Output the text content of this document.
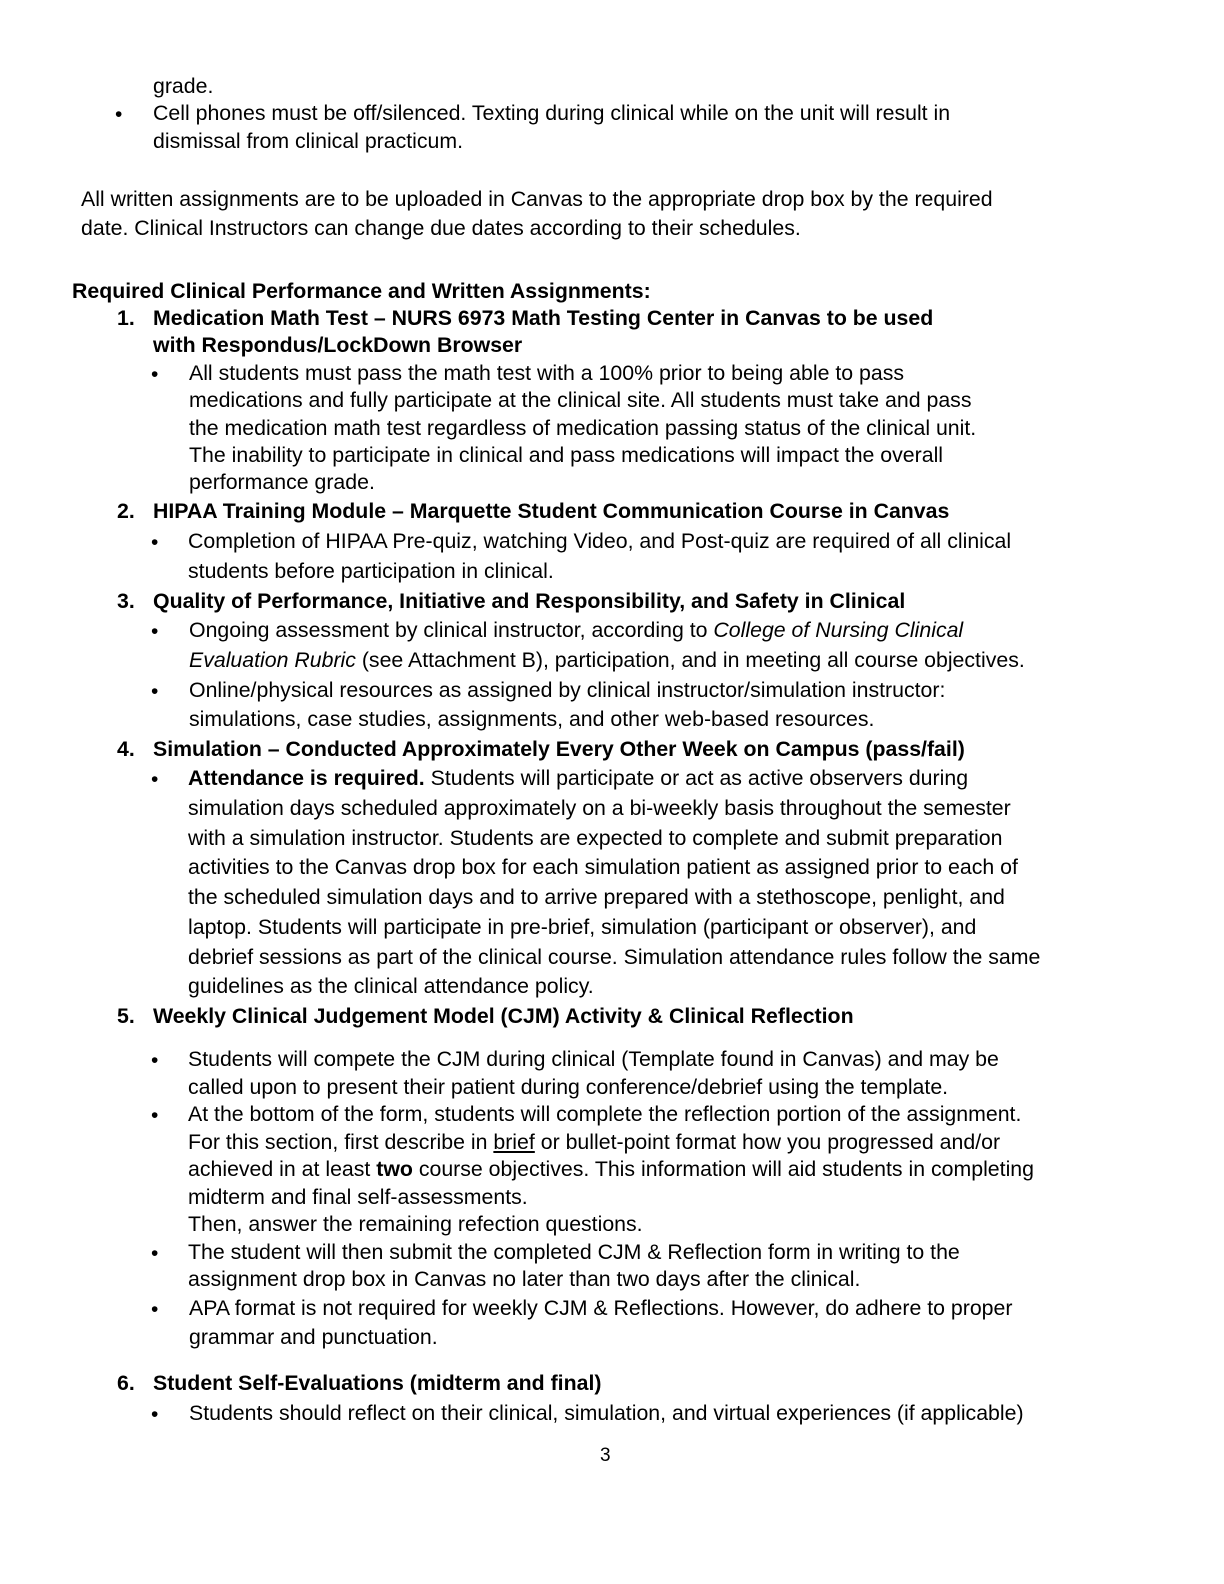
grade.
• Cell phones must be off/silenced. Texting during clinical while on the unit will result in
dismissal from clinical practicum.
All written assignments are to be uploaded in Canvas to the appropriate drop box by the required
date. Clinical Instructors can change due dates according to their schedules.
Required Clinical Performance and Written Assignments:
1. Medication Math Test – NURS 6973 Math Testing Center in Canvas to be used
with Respondus/LockDown Browser
• All students must pass the math test with a 100% prior to being able to pass
medications and fully participate at the clinical site. All students must take and pass
the medication math test regardless of medication passing status of the clinical unit.
The inability to participate in clinical and pass medications will impact the overall
performance grade.
2. HIPAA Training Module – Marquette Student Communication Course in Canvas
• Completion of HIPAA Pre-quiz, watching Video, and Post-quiz are required of all clinical
students before participation in clinical.
3. Quality of Performance, Initiative and Responsibility, and Safety in Clinical
• Ongoing assessment by clinical instructor, according to College of Nursing Clinical
Evaluation Rubric (see Attachment B), participation, and in meeting all course objectives.
• Online/physical resources as assigned by clinical instructor/simulation instructor:
simulations, case studies, assignments, and other web-based resources.
4. Simulation – Conducted Approximately Every Other Week on Campus (pass/fail)
• Attendance is required. Students will participate or act as active observers during
simulation days scheduled approximately on a bi-weekly basis throughout the semester
with a simulation instructor. Students are expected to complete and submit preparation
activities to the Canvas drop box for each simulation patient as assigned prior to each of
the scheduled simulation days and to arrive prepared with a stethoscope, penlight, and
laptop. Students will participate in pre-brief, simulation (participant or observer), and
debrief sessions as part of the clinical course. Simulation attendance rules follow the same
guidelines as the clinical attendance policy.
5. Weekly Clinical Judgement Model (CJM) Activity & Clinical Reflection
• Students will compete the CJM during clinical (Template found in Canvas) and may be
called upon to present their patient during conference/debrief using the template.
• At the bottom of the form, students will complete the reflection portion of the assignment.
For this section, first describe in brief or bullet-point format how you progressed and/or
achieved in at least two course objectives. This information will aid students in completing
midterm and final self-assessments.
Then, answer the remaining refection questions.
• The student will then submit the completed CJM & Reflection form in writing to the
assignment drop box in Canvas no later than two days after the clinical.
• APA format is not required for weekly CJM & Reflections. However, do adhere to proper
grammar and punctuation.
6. Student Self-Evaluations (midterm and final)
• Students should reflect on their clinical, simulation, and virtual experiences (if applicable)
3
